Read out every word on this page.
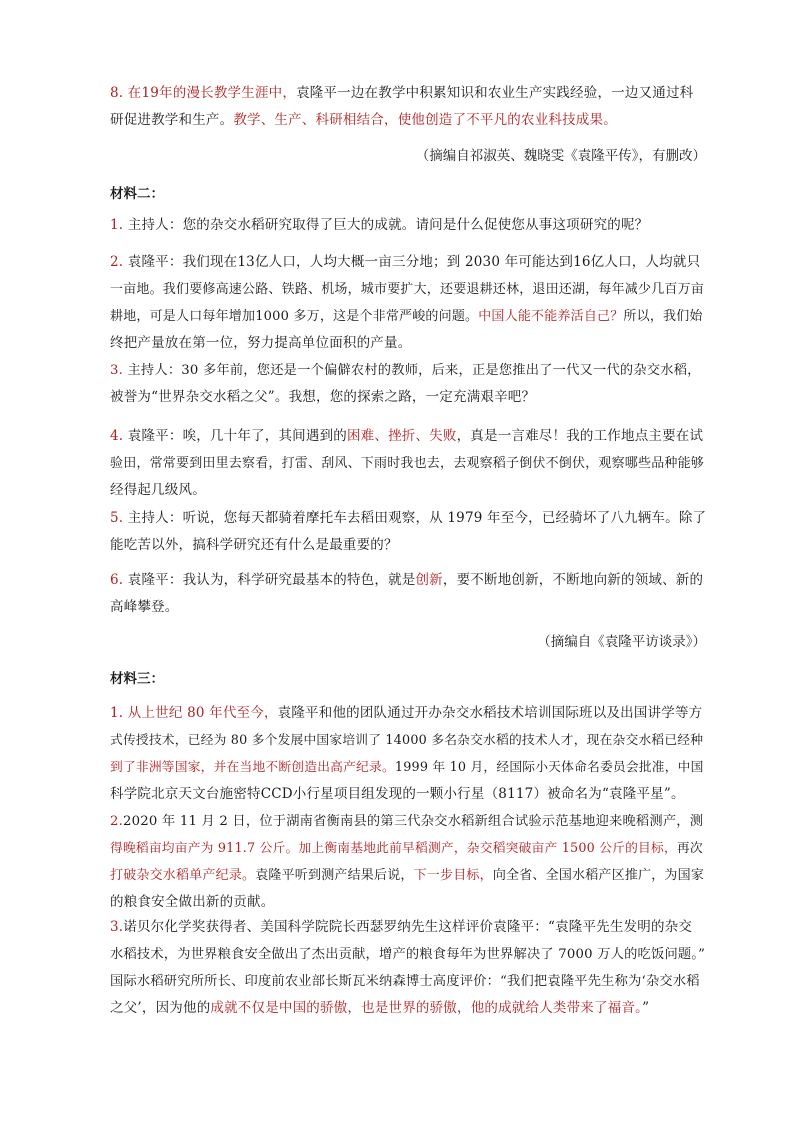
8. 在19年的漫长教学生涯中，袁隆平一边在教学中积累知识和农业生产实践经验，一边又通过科
研促进教学和生产。教学、生产、科研相结合，使他创造了不平凡的农业科技成果。
（摘编自祁淑英、魏晓雯《袁隆平传》，有删改）
材料二：
1. 主持人：您的杂交水稻研究取得了巨大的成就。请问是什么促使您从事这项研究的呢？
2. 袁隆平：我们现在13亿人口，人均大概一亩三分地；到 2030 年可能达到16亿人口，人均就只
一亩地。我们要修高速公路、铁路、机场，城市要扩大，还要退耕还林，退田还湖，每年减少几百万亩
耕地，可是人口每年增加1000 多万，这是个非常严峻的问题。中国人能不能养活自己？所以，我们始
终把产量放在第一位，努力提高单位面积的产量。
3. 主持人：30 多年前，您还是一个偏僻农村的教师，后来，正是您推出了一代又一代的杂交水稻，
被誉为“世界杂交水稻之父”。我想，您的探索之路，一定充满艰辛吧？
4. 袁隆平：唉，几十年了，其间遇到的困难、挫折、失败，真是一言难尽！我的工作地点主要在试
验田，常常要到田里去察看，打雷、刮风、下雨时我也去，去观察稻子倒伏不倒伏，观察哪些品种能够
经得起几级风。
5. 主持人：听说，您每天都骑着摩托车去稻田观察，从 1979 年至今，已经骑坏了八九辆车。除了
能吃苦以外，搞科学研究还有什么是最重要的？
6. 袁隆平：我认为，科学研究最基本的特色，就是创新，要不断地创新，不断地向新的领域、新的
高峰攀登。
（摘编自《袁隆平访谈录》）
材料三：
1. 从上世纪 80 年代至今，袁隆平和他的团队通过开办杂交水稻技术培训国际班以及出国讲学等方
式传授技术，已经为 80 多个发展中国家培训了 14000 多名杂交水稻的技术人才，现在杂交水稻已经种
到了非洲等国家，并在当地不断创造出高产纪录。1999 年 10 月，经国际小天体命名委员会批准，中国
科学院北京天文台施密特CCD小行星项目组发现的一颗小行星（8117）被命名为“袁隆平星”。
2.2020 年 11 月 2 日，位于湖南省衡南县的第三代杂交水稻新组合试验示范基地迎来晚稻测产，测
得晚稻亩均亩产为 911.7 公斤。加上衡南基地此前早稻测产，杂交稻突破亩产 1500 公斤的目标，再次
打破杂交水稻单产纪录。袁隆平听到测产结果后说，下一步目标，向全省、全国水稻产区推广，为国家
的粮食安全做出新的贡献。
3.诺贝尔化学奖获得者、美国科学院院长西瑟罗纳先生这样评价袁隆平：“袁隆平先生发明的杂交
水稻技术，为世界粮食安全做出了杰出贡献，增产的粮食每年为世界解决了 7000 万人的吃饭问题。”
国际水稻研究所所长、印度前农业部长斯瓦米纳森博士高度评价：“我们把袁隆平先生称为‘杂交水稻
之父’，因为他的成就不仅是中国的骄傲，也是世界的骄傲，他的成就给人类带来了福音。”
